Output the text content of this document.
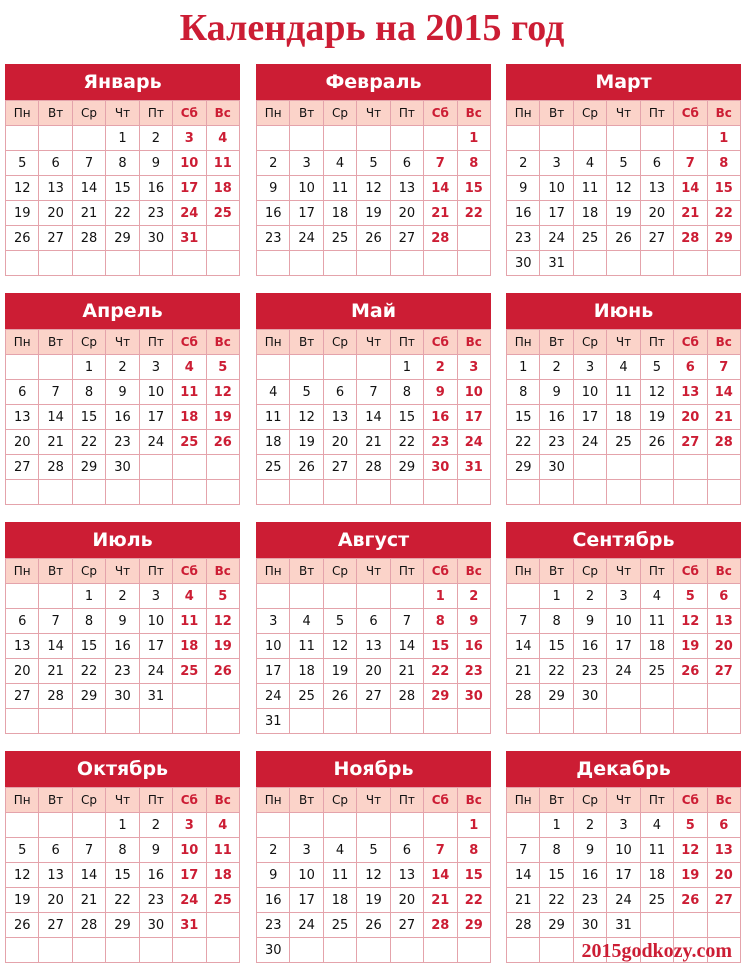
Календарь на 2015 год
Январь
Пн	Вт	Ср	Чт	Пт	Сб	Вс
			1	2	3	4
5	6	7	8	9	10	11
12	13	14	15	16	17	18
19	20	21	22	23	24	25
26	27	28	29	30	31	

Февраль
Пн	Вт	Ср	Чт	Пт	Сб	Вс
						1
2	3	4	5	6	7	8
9	10	11	12	13	14	15
16	17	18	19	20	21	22
23	24	25	26	27	28	

Март
Пн	Вт	Ср	Чт	Пт	Сб	Вс
						1
2	3	4	5	6	7	8
9	10	11	12	13	14	15
16	17	18	19	20	21	22
23	24	25	26	27	28	29
30	31					
Апрель
Пн	Вт	Ср	Чт	Пт	Сб	Вс
		1	2	3	4	5
6	7	8	9	10	11	12
13	14	15	16	17	18	19
20	21	22	23	24	25	26
27	28	29	30			

Май
Пн	Вт	Ср	Чт	Пт	Сб	Вс
				1	2	3
4	5	6	7	8	9	10
11	12	13	14	15	16	17
18	19	20	21	22	23	24
25	26	27	28	29	30	31

Июнь
Пн	Вт	Ср	Чт	Пт	Сб	Вс
1	2	3	4	5	6	7
8	9	10	11	12	13	14
15	16	17	18	19	20	21
22	23	24	25	26	27	28
29	30					

Июль
Пн	Вт	Ср	Чт	Пт	Сб	Вс
		1	2	3	4	5
6	7	8	9	10	11	12
13	14	15	16	17	18	19
20	21	22	23	24	25	26
27	28	29	30	31		

Август
Пн	Вт	Ср	Чт	Пт	Сб	Вс
					1	2
3	4	5	6	7	8	9
10	11	12	13	14	15	16
17	18	19	20	21	22	23
24	25	26	27	28	29	30
31						
Сентябрь
Пн	Вт	Ср	Чт	Пт	Сб	Вс
	1	2	3	4	5	6
7	8	9	10	11	12	13
14	15	16	17	18	19	20
21	22	23	24	25	26	27
28	29	30				

Октябрь
Пн	Вт	Ср	Чт	Пт	Сб	Вс
			1	2	3	4
5	6	7	8	9	10	11
12	13	14	15	16	17	18
19	20	21	22	23	24	25
26	27	28	29	30	31	

Ноябрь
Пн	Вт	Ср	Чт	Пт	Сб	Вс
						1
2	3	4	5	6	7	8
9	10	11	12	13	14	15
16	17	18	19	20	21	22
23	24	25	26	27	28	29
30						
Декабрь
Пн	Вт	Ср	Чт	Пт	Сб	Вс
	1	2	3	4	5	6
7	8	9	10	11	12	13
14	15	16	17	18	19	20
21	22	23	24	25	26	27
28	29	30	31			

2015godkozy.com
